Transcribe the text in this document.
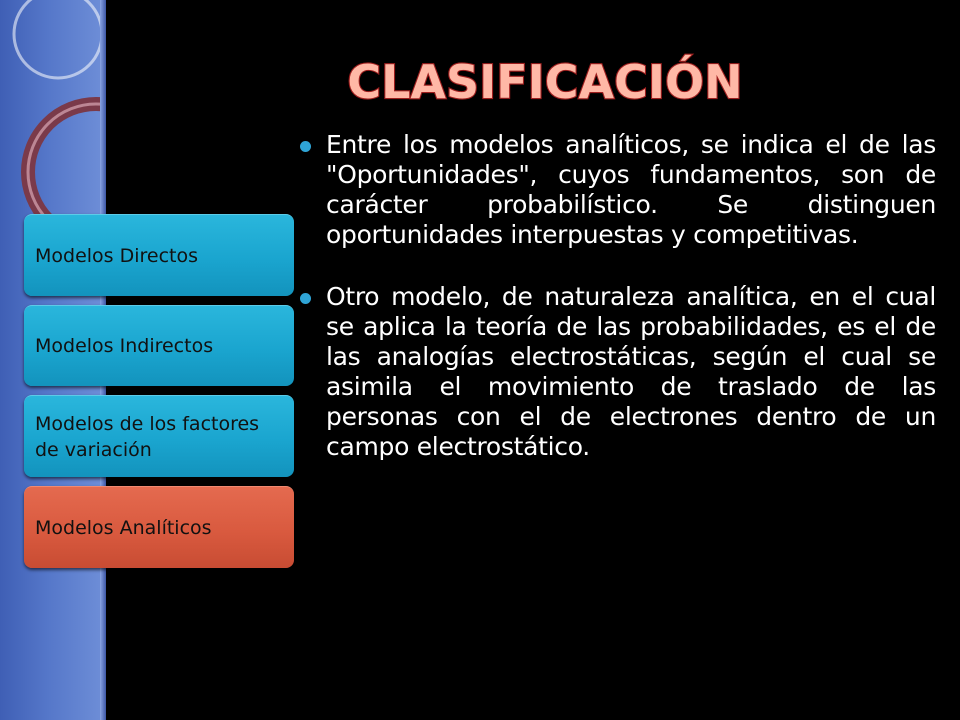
CLASIFICACIÓN
Modelos Directos
Modelos Indirectos
Modelos de los factores de variación
Modelos Analíticos
Entre los modelos analíticos, se indica el de las "Oportunidades", cuyos fundamentos, son de carácter probabilístico. Se distinguen oportunidades interpuestas y competitivas.
Otro modelo, de naturaleza analítica, en el cual se aplica la teoría de las probabilidades, es el de las analogías electrostáticas, según el cual se asimila el movimiento de traslado de las personas con el de electrones dentro de un campo electrostático.
